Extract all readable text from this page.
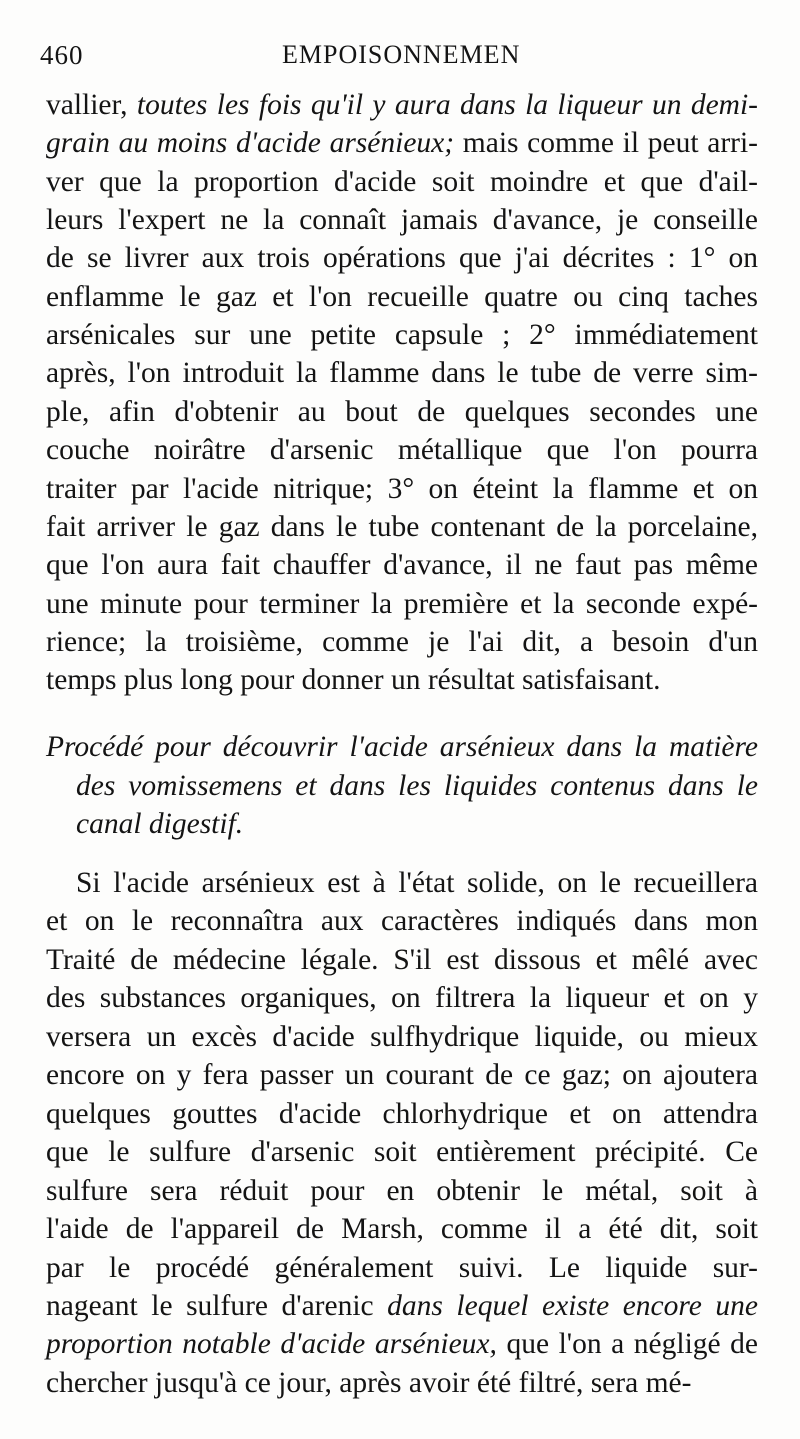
460	EMPOISONNEMEN
vallier, toutes les fois qu'il y aura dans la liqueur un demi-
grain au moins d'acide arsénieux; mais comme il peut arri-
ver que la proportion d'acide soit moindre et que d'ail-
leurs l'expert ne la connaît jamais d'avance, je conseille
de se livrer aux trois opérations que j'ai décrites : 1° on
enflamme le gaz et l'on recueille quatre ou cinq taches
arsénicales sur une petite capsule ; 2° immédiatement
après, l'on introduit la flamme dans le tube de verre sim-
ple, afin d'obtenir au bout de quelques secondes une
couche noirâtre d'arsenic métallique que l'on pourra
traiter par l'acide nitrique; 3° on éteint la flamme et on
fait arriver le gaz dans le tube contenant de la porcelaine,
que l'on aura fait chauffer d'avance, il ne faut pas même
une minute pour terminer la première et la seconde expé-
rience; la troisième, comme je l'ai dit, a besoin d'un
temps plus long pour donner un résultat satisfaisant.
Procédé pour découvrir l'acide arsénieux dans la matière
des vomissemens et dans les liquides contenus dans le
canal digestif.
Si l'acide arsénieux est à l'état solide, on le recueillera
et on le reconnaîtra aux caractères indiqués dans mon
Traité de médecine légale. S'il est dissous et mêlé avec
des substances organiques, on filtrera la liqueur et on y
versera un excès d'acide sulfhydrique liquide, ou mieux
encore on y fera passer un courant de ce gaz; on ajoutera
quelques gouttes d'acide chlorhydrique et on attendra
que le sulfure d'arsenic soit entièrement précipité. Ce
sulfure sera réduit pour en obtenir le métal, soit à
l'aide de l'appareil de Marsh, comme il a été dit, soit
par le procédé généralement suivi. Le liquide sur-
nageant le sulfure d'arenic dans lequel existe encore une
proportion notable d'acide arsénieux, que l'on a négligé de
chercher jusqu'à ce jour, après avoir été filtré, sera mé-
